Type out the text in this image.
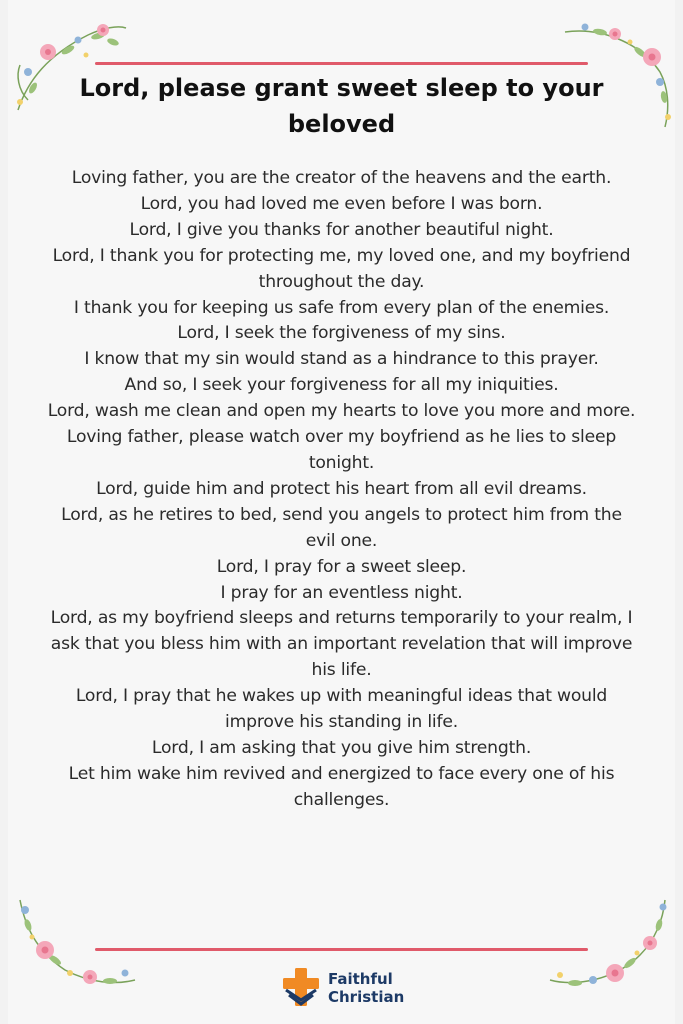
Lord, please grant sweet sleep to your beloved

Loving father, you are the creator of the heavens and the earth.

Lord, you had loved me even before I was born.

Lord, I give you thanks for another beautiful night.

Lord, I thank you for protecting me, my loved one, and my boyfriend throughout the day.

I thank you for keeping us safe from every plan of the enemies.

Lord, I seek the forgiveness of my sins.

I know that my sin would stand as a hindrance to this prayer.

And so, I seek your forgiveness for all my iniquities.

Lord, wash me clean and open my hearts to love you more and more.

Loving father, please watch over my boyfriend as he lies to sleep tonight.

Lord, guide him and protect his heart from all evil dreams.

Lord, as he retires to bed, send you angels to protect him from the evil one.

Lord, I pray for a sweet sleep.

I pray for an eventless night.

Lord, as my boyfriend sleeps and returns temporarily to your realm, I ask that you bless him with an important revelation that will improve his life.

Lord, I pray that he wakes up with meaningful ideas that would improve his standing in life.

Lord, I am asking that you give him strength.

Let him wake him revived and energized to face every one of his challenges.

Faithful
Christian
